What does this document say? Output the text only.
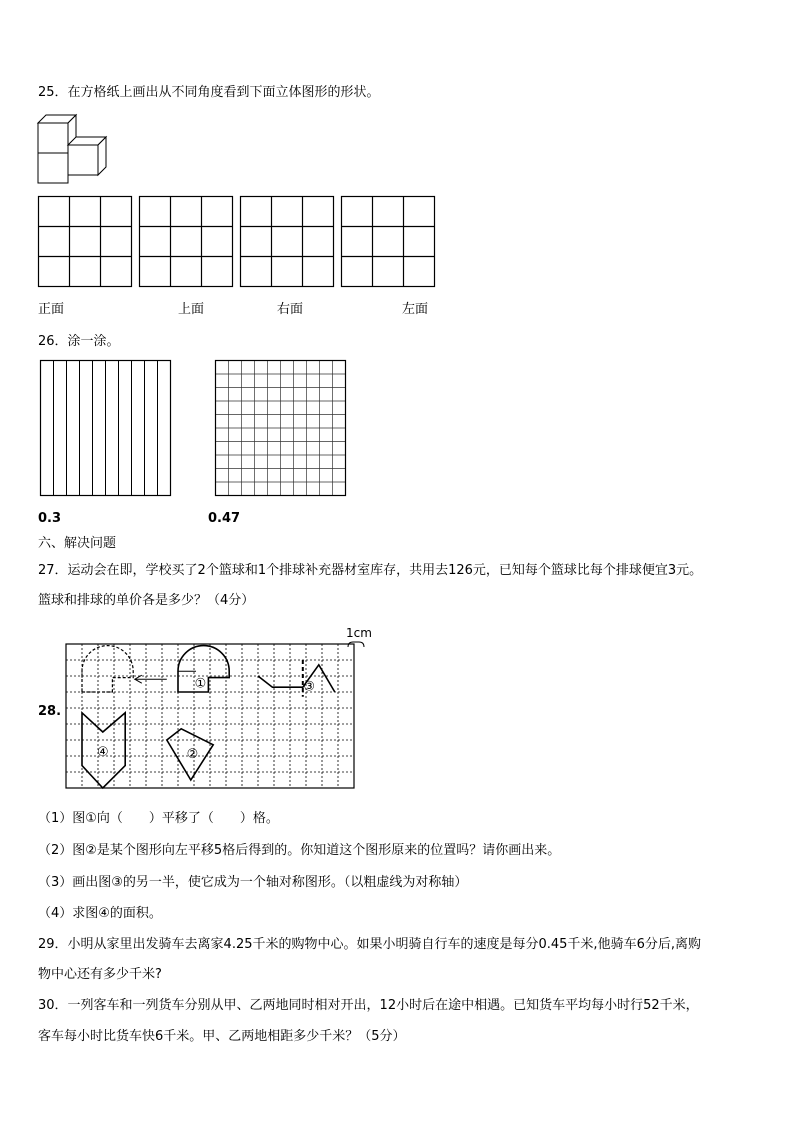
25．在方格纸上画出从不同角度看到下面立体图形的形状。
正面	上面	右面	左面
26．涂一涂。
0.3	0.47
六、解决问题
27．运动会在即，学校买了2个篮球和1个排球补充器材室库存，共用去126元，已知每个篮球比每个排球便宜3元。
篮球和排球的单价各是多少？（4分）
1cm
28.
①
②
③
④
（1）图①向（　　）平移了（　　）格。
（2）图②是某个图形向左平移5格后得到的。你知道这个图形原来的位置吗？请你画出来。
（3）画出图③的另一半，使它成为一个轴对称图形。（以粗虚线为对称轴）
（4）求图④的面积。
29．小明从家里出发骑车去离家4.25千米的购物中心。如果小明骑自行车的速度是每分0.45千米,他骑车6分后,离购
物中心还有多少千米?
30．一列客车和一列货车分别从甲、乙两地同时相对开出，12小时后在途中相遇。已知货车平均每小时行52千米，
客车每小时比货车快6千米。甲、乙两地相距多少千米？（5分）
